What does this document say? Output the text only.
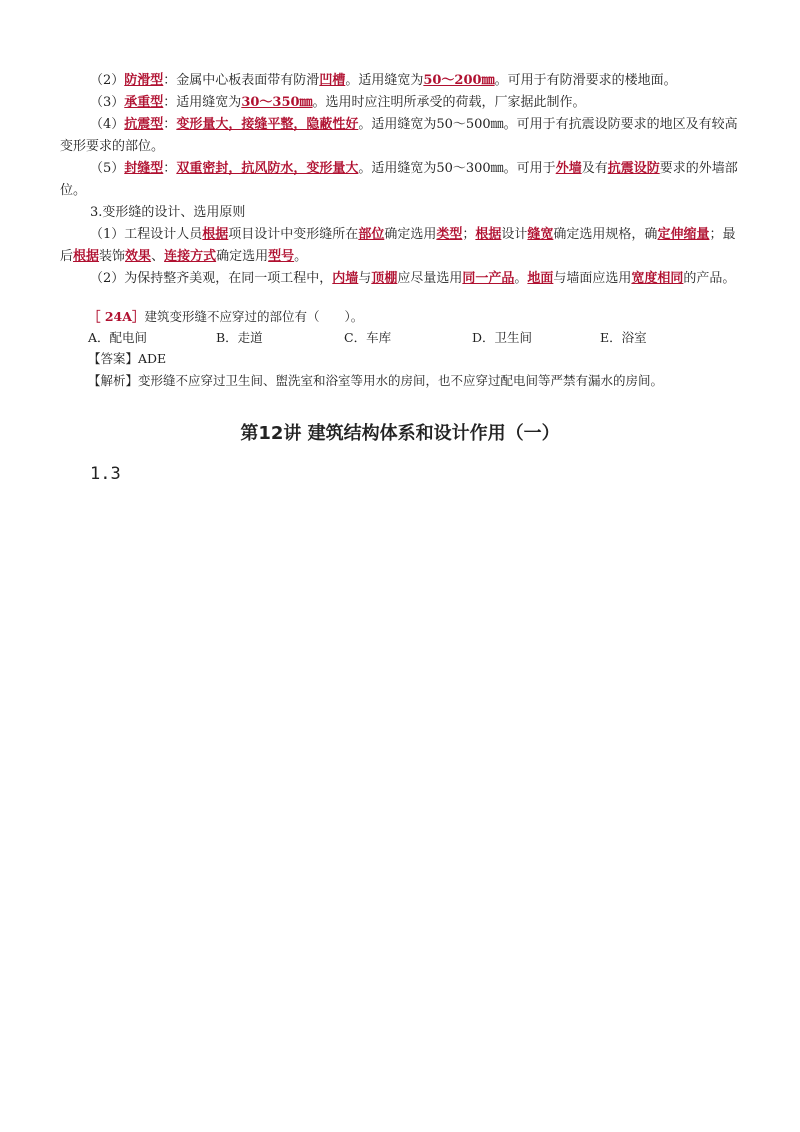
（2）防滑型：金属中心板表面带有防滑凹槽。适用缝宽为50～200㎜。可用于有防滑要求的楼地面。

（3）承重型：适用缝宽为30～350㎜。选用时应注明所承受的荷载，厂家据此制作。

（4）抗震型：变形量大，接缝平整，隐蔽性好。适用缝宽为50～500㎜。可用于有抗震设防要求的地区及有较高变形要求的部位。

（5）封缝型：双重密封，抗风防水，变形量大。适用缝宽为50～300㎜。可用于外墙及有抗震设防要求的外墙部位。

3.变形缝的设计、选用原则

（1）工程设计人员根据项目设计中变形缝所在部位确定选用类型；根据设计缝宽确定选用规格，确定伸缩量；最后根据装饰效果、连接方式确定选用型号。

（2）为保持整齐美观，在同一项工程中，内墙与顶棚应尽量选用同一产品。地面与墙面应选用宽度相同的产品。

［ 24A］建筑变形缝不应穿过的部位有（　　）。

A．配电间	B．走道	C．车库	D．卫生间	E．浴室

【答案】ADE

【解析】变形缝不应穿过卫生间、盥洗室和浴室等用水的房间，也不应穿过配电间等严禁有漏水的房间。

第12讲 建筑结构体系和设计作用（一）
1.3
